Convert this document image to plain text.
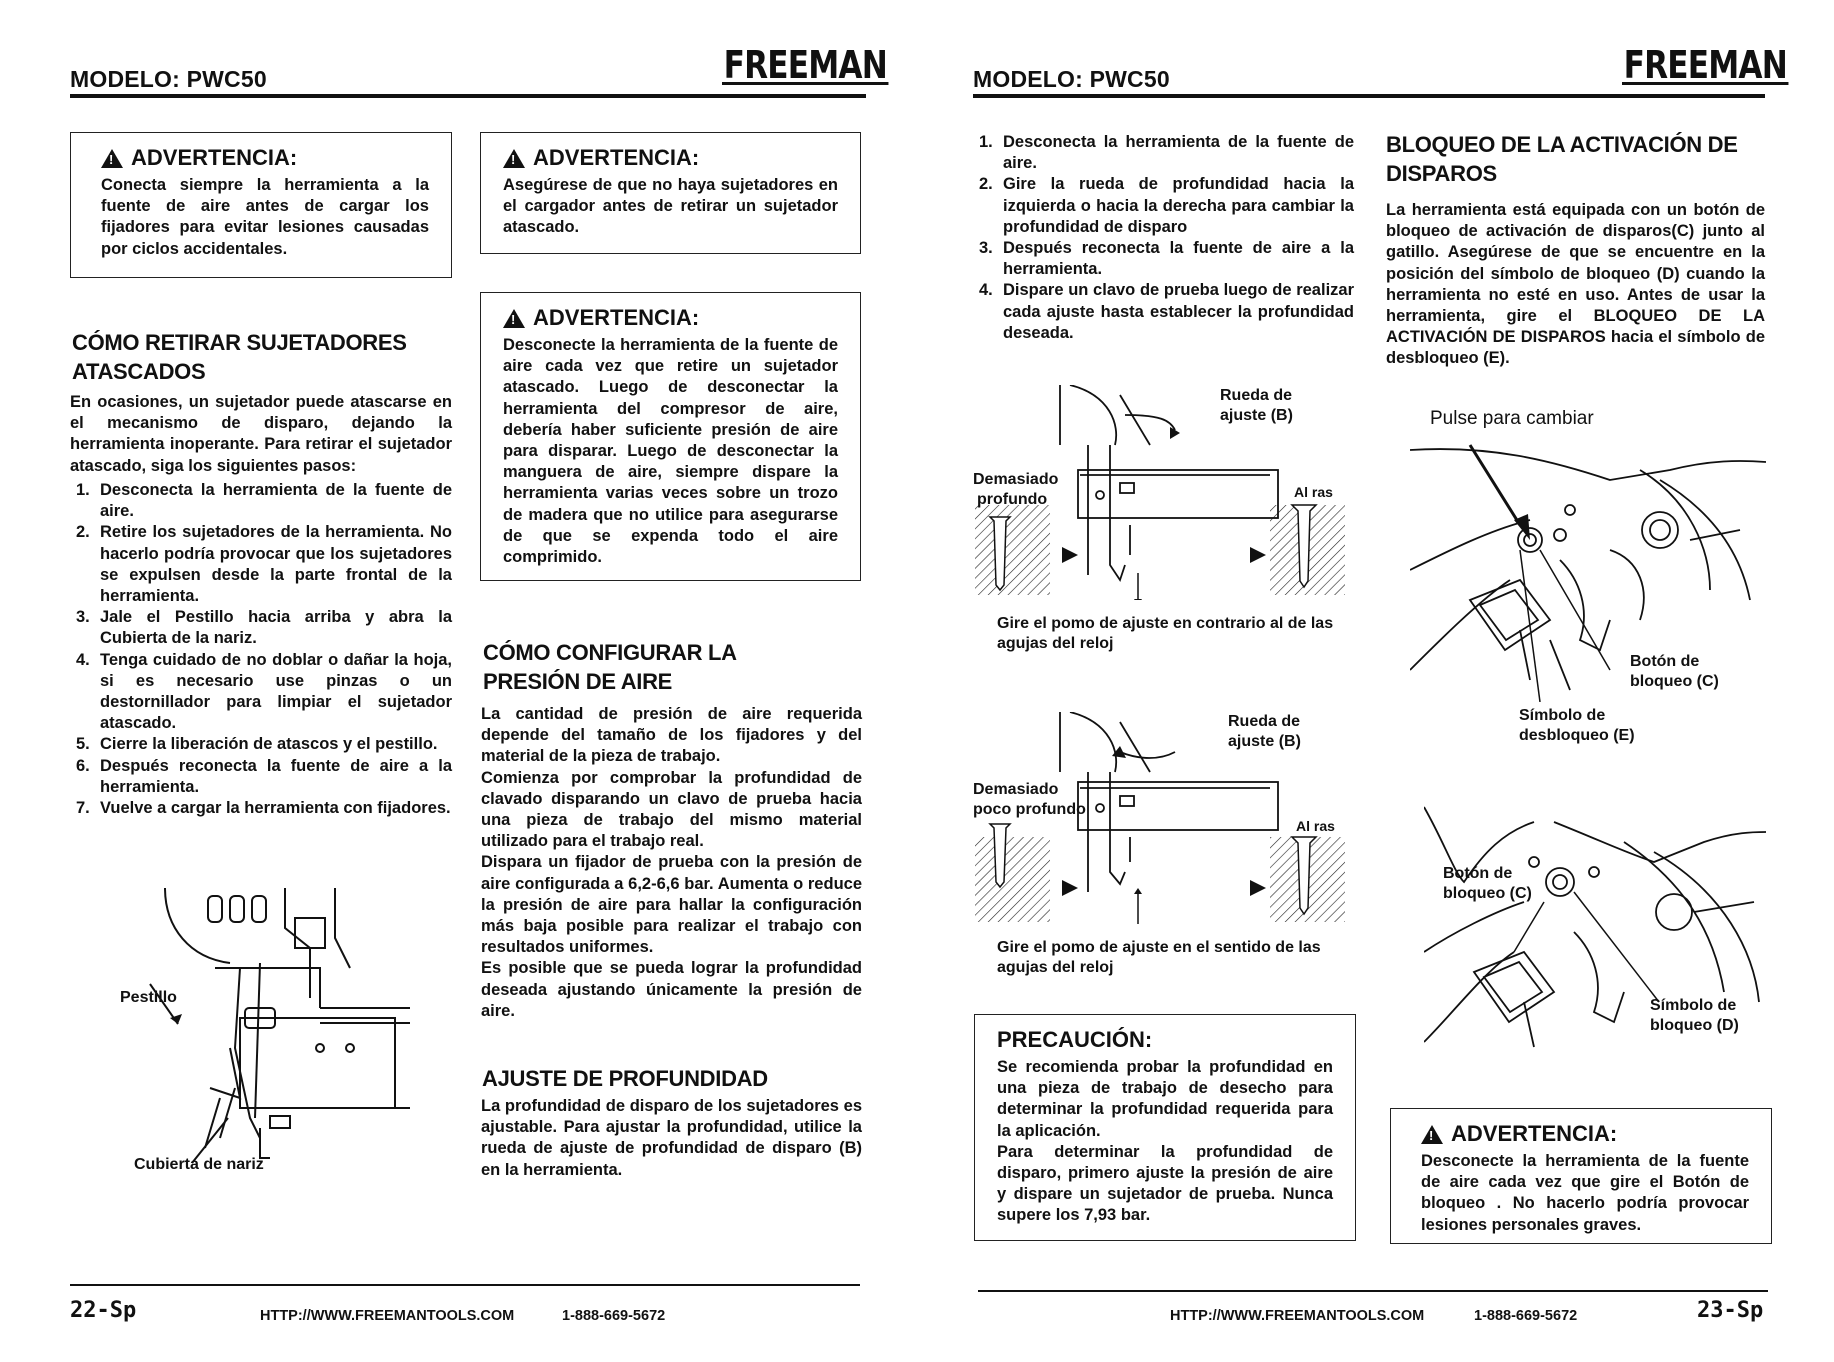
MODELO: PWC50	FREEMAN
!
ADVERTENCIA:
Conecta siempre la herramienta a la fuente de aire antes de cargar los fijadores para evitar lesiones causadas por ciclos accidentales.
CÓMO RETIRAR SUJETADORES
ATASCADOS
En ocasiones, un sujetador puede atascarse en el mecanismo de disparo, dejando la herramienta inoperante. Para retirar el sujetador atascado, siga los siguientes pasos:
1. Desconecta la herramienta de la fuente de aire.
2. Retire los sujetadores de la herramienta. No hacerlo podría provocar que los sujetadores se expulsen desde la parte frontal de la herramienta.
3. Jale el Pestillo hacia arriba y abra la Cubierta de la nariz.
4. Tenga cuidado de no doblar o dañar la hoja, si es necesario use pinzas o un destornillador para limpiar el sujetador atascado.
5. Cierre la liberación de atascos y el pestillo.
6. Después reconecta la fuente de aire a la herramienta.
7. Vuelve a cargar la herramienta con fijadores.
Pestillo
Cubierta de nariz
!
ADVERTENCIA:
Asegúrese de que no haya sujetadores en el cargador antes de retirar un sujetador atascado.
!
ADVERTENCIA:
Desconecte la herramienta de la fuente de aire cada vez que retire un sujetador atascado. Luego de desconectar la herramienta del compresor de aire, debería haber suficiente presión de aire para disparar. Luego de desconectar la manguera de aire, siempre dispare la herramienta varias veces sobre un trozo de madera que no utilice para asegurarse de que se expenda todo el aire comprimido.
CÓMO CONFIGURAR LA
PRESIÓN DE AIRE
La cantidad de presión de aire requerida depende del tamaño de los fijadores y del material de la pieza de trabajo.
Comienza por comprobar la profundidad de clavado disparando un clavo de prueba hacia una pieza de trabajo del mismo material utilizado para el trabajo real.
Dispara un fijador de prueba con la presión de aire configurada a 6,2-6,6 bar. Aumenta o reduce la presión de aire para hallar la configuración más baja posible para realizar el trabajo con resultados uniformes.
Es posible que se pueda lograr la profundidad deseada ajustando únicamente la presión de aire.
AJUSTE DE PROFUNDIDAD
La profundidad de disparo de los sujetadores es ajustable. Para ajustar la profundidad, utilice la rueda de ajuste de profundidad de disparo (B) en la herramienta.
22-Sp	HTTP://WWW.FREEMANTOOLS.COM	1-888-669-5672
MODELO: PWC50	FREEMAN
1. Desconecta la herramienta de la fuente de aire.
2. Gire la rueda de profundidad hacia la izquierda o hacia la derecha para cambiar la profundidad de disparo
3. Después reconecta la fuente de aire a la herramienta.
4. Dispare un clavo de prueba luego de realizar cada ajuste hasta establecer la profundidad deseada.
Rueda de ajuste (B)
Demasiado
profundo	Al ras
Gire el pomo de ajuste en contrario al de las agujas del reloj
Rueda de ajuste (B)
Demasiado
poco profundo
Al ras
Gire el pomo de ajuste en el sentido de las agujas del reloj
PRECAUCIÓN:
Se recomienda probar la profundidad en una pieza de trabajo de desecho para determinar la profundidad requerida para la aplicación.
Para determinar la profundidad de disparo, primero ajuste la presión de aire y dispare un sujetador de prueba. Nunca supere los 7,93 bar.
BLOQUEO DE LA ACTIVACIÓN DE
DISPAROS
La herramienta está equipada con un botón de bloqueo de activación de disparos(C) junto al gatillo. Asegúrese de que se encuentre en la posición del símbolo de bloqueo (D) cuando la herramienta no esté en uso. Antes de usar la herramienta, gire el BLOQUEO DE LA ACTIVACIÓN DE DISPAROS hacia el símbolo de desbloqueo (E).
Pulse para cambiar
Botón de
bloqueo (C)
Símbolo de
desbloqueo (E)
Botón de
bloqueo (C)
Símbolo de
bloqueo (D)
!
ADVERTENCIA:
Desconecte la herramienta de la fuente de aire cada vez que gire el Botón de bloqueo . No hacerlo podría provocar lesiones personales graves.
HTTP://WWW.FREEMANTOOLS.COM	1-888-669-5672	23-Sp
